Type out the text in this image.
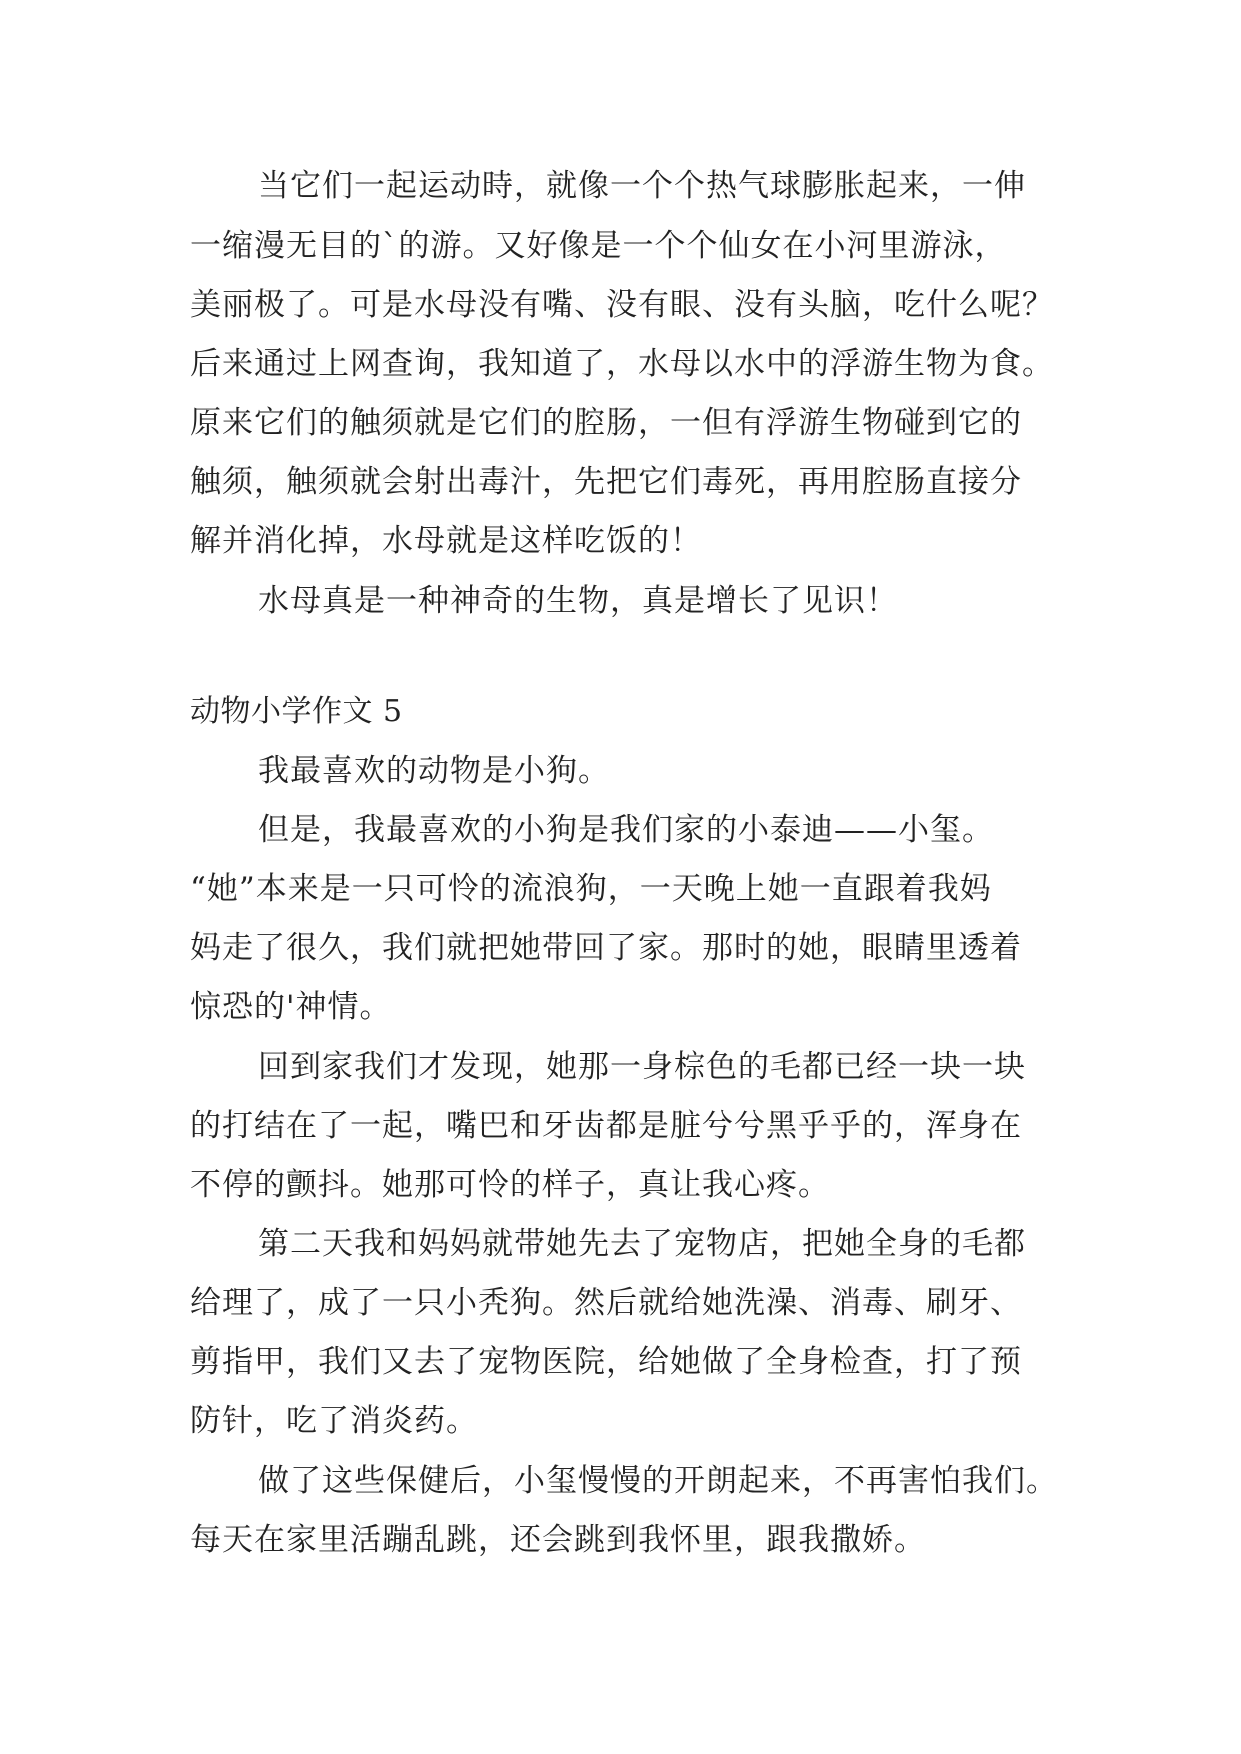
当它们一起运动時，就像一个个热气球膨胀起来，一伸
一缩漫无目的`的游。又好像是一个个仙女在小河里游泳，
美丽极了。可是水母没有嘴、没有眼、没有头脑，吃什么呢？
后来通过上网查询，我知道了，水母以水中的浮游生物为食。
原来它们的触须就是它们的腔肠，一但有浮游生物碰到它的
触须，触须就会射出毒汁，先把它们毒死，再用腔肠直接分
解并消化掉，水母就是这样吃饭的！
水母真是一种神奇的生物，真是增长了见识！
动物小学作文 5
我最喜欢的动物是小狗。
但是，我最喜欢的小狗是我们家的小泰迪——小玺。
“她”本来是一只可怜的流浪狗，一天晚上她一直跟着我妈
妈走了很久，我们就把她带回了家。那时的她，眼睛里透着
惊恐的'神情。
回到家我们才发现，她那一身棕色的毛都已经一块一块
的打结在了一起，嘴巴和牙齿都是脏兮兮黑乎乎的，浑身在
不停的颤抖。她那可怜的样子，真让我心疼。
第二天我和妈妈就带她先去了宠物店，把她全身的毛都
给理了，成了一只小秃狗。然后就给她洗澡、消毒、刷牙、
剪指甲，我们又去了宠物医院，给她做了全身检查，打了预
防针，吃了消炎药。
做了这些保健后，小玺慢慢的开朗起来，不再害怕我们。
每天在家里活蹦乱跳，还会跳到我怀里，跟我撒娇。
